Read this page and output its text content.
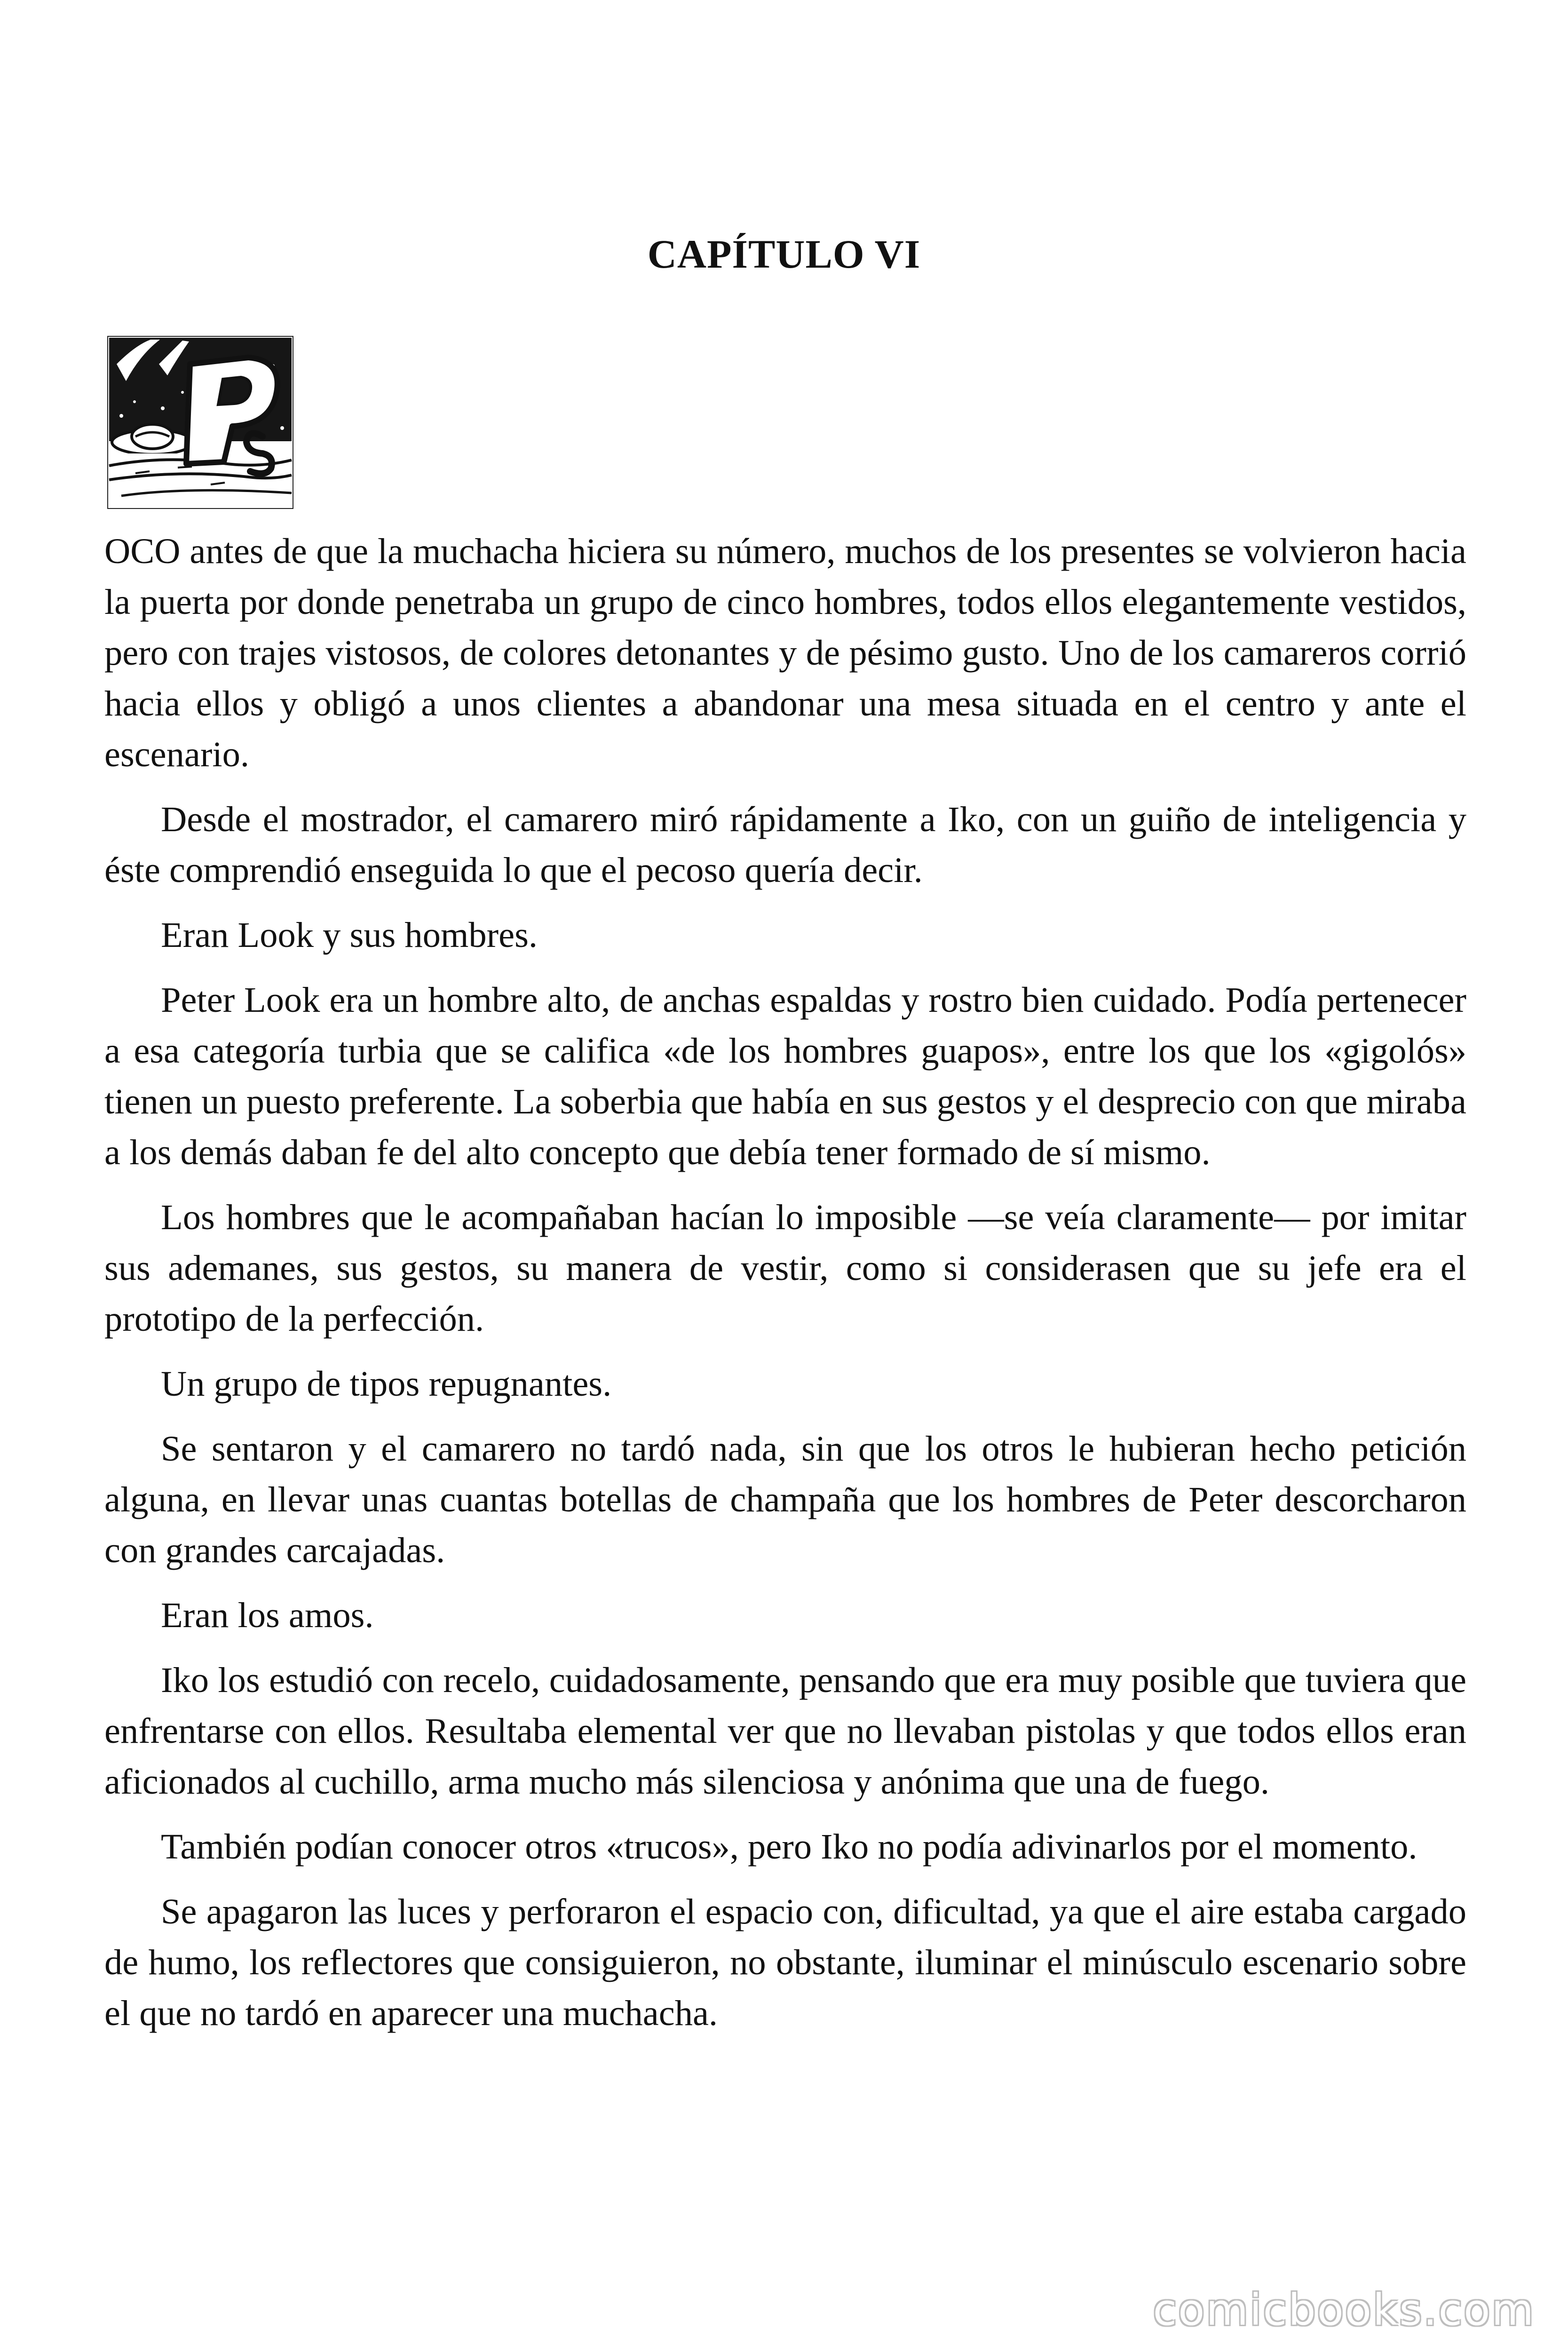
CAPÍTULO VI

OCO antes de que la muchacha hiciera su número, muchos de los presentes se volvieron hacia la puerta por donde penetraba un grupo de cinco hombres, todos ellos elegantemente vestidos, pero con trajes vistosos, de colores detonantes y de pésimo gusto. Uno de los camareros corrió hacia ellos y obligó a unos clientes a abandonar una mesa situada en el centro y ante el escenario.

Desde el mostrador, el camarero miró rápidamente a Iko, con un guiño de inteligencia y éste comprendió enseguida lo que el pecoso quería decir.

Eran Look y sus hombres.

Peter Look era un hombre alto, de anchas espaldas y rostro bien cuidado. Podía pertenecer a esa categoría turbia que se califica «de los hombres guapos», entre los que los «gigolós» tienen un puesto preferente. La soberbia que había en sus gestos y el desprecio con que miraba a los demás daban fe del alto concepto que debía tener formado de sí mismo.

Los hombres que le acompañaban hacían lo imposible —se veía claramente— por imitar sus ademanes, sus gestos, su manera de vestir, como si considerasen que su jefe era el prototipo de la perfección.

Un grupo de tipos repugnantes.

Se sentaron y el camarero no tardó nada, sin que los otros le hubieran hecho petición alguna, en llevar unas cuantas botellas de champaña que los hombres de Peter descorcharon con grandes carcajadas.

Eran los amos.

Iko los estudió con recelo, cuidadosamente, pensando que era muy posible que tuviera que enfrentarse con ellos. Resultaba elemental ver que no llevaban pistolas y que todos ellos eran aficionados al cuchillo, arma mucho más silenciosa y anónima que una de fuego.

También podían conocer otros «trucos», pero Iko no podía adivinarlos por el momento.

Se apagaron las luces y perforaron el espacio con, dificultad, ya que el aire estaba cargado de humo, los reflectores que consiguieron, no obstante, iluminar el minúsculo escenario sobre el que no tardó en aparecer una muchacha.

comicbooks.com
